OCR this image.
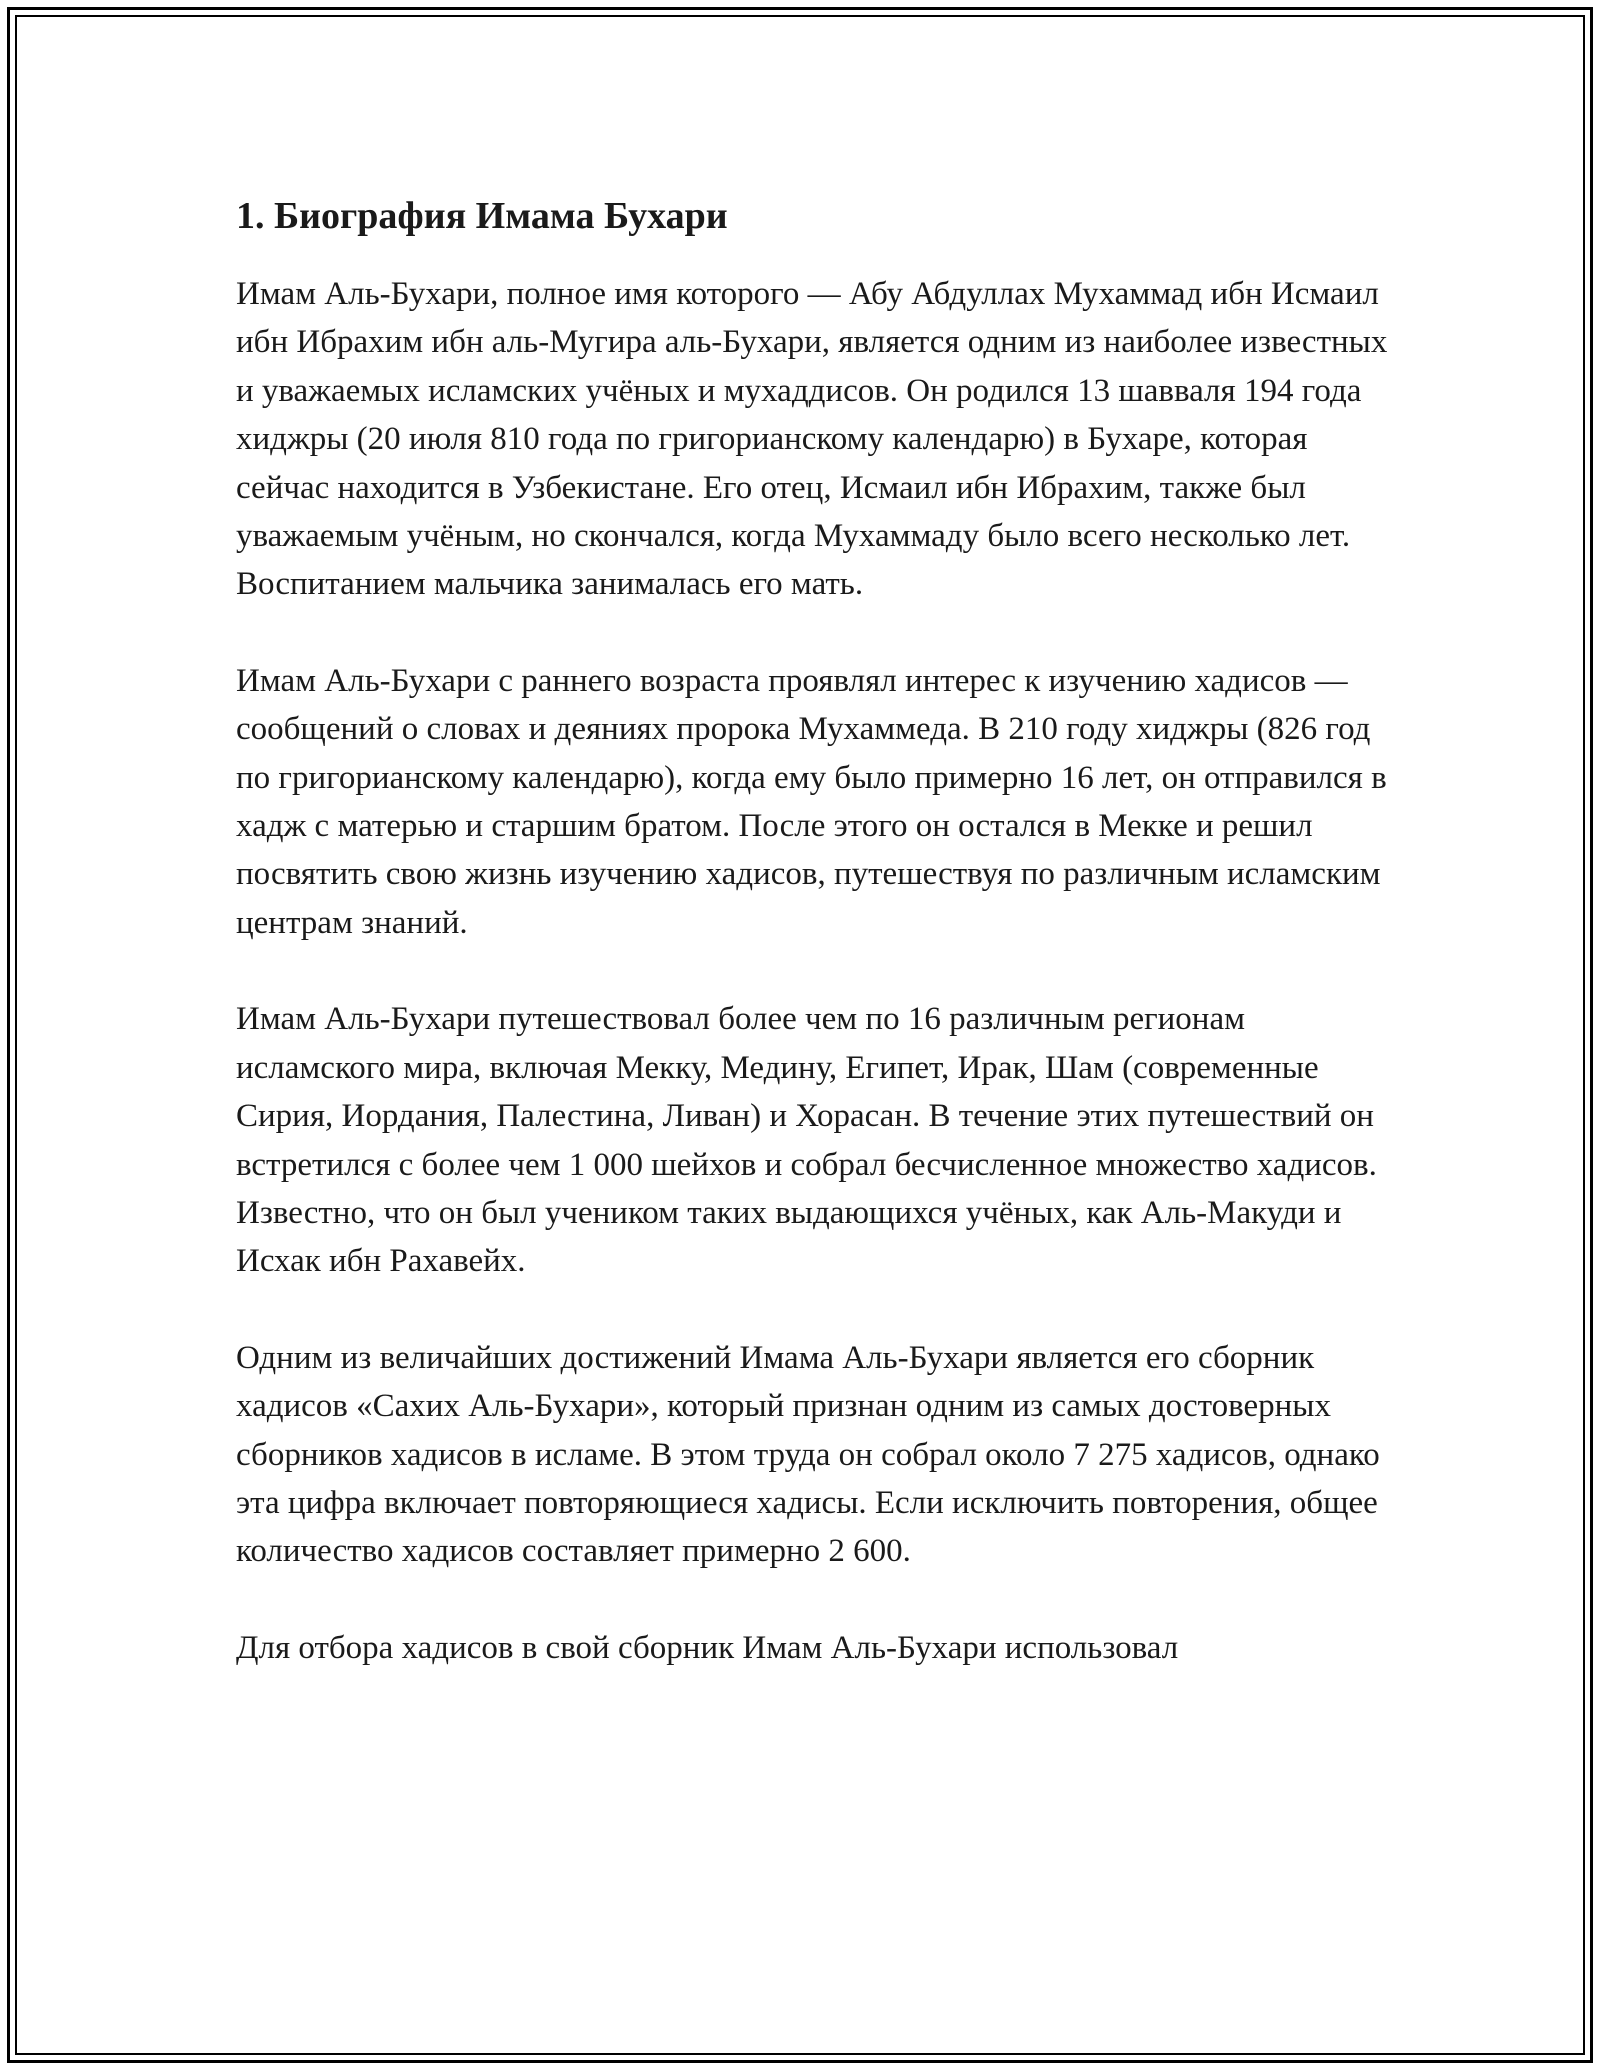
1. Биография Имама Бухари

Имам Аль-Бухари, полное имя которого — Абу Абдуллах Мухаммад ибн Исмаил ибн Ибрахим ибн аль-Мугира аль-Бухари, является одним из наиболее известных и уважаемых исламских учёных и мухаддисов. Он родился 13 шавваля 194 года хиджры (20 июля 810 года по григорианскому календарю) в Бухаре, которая сейчас находится в Узбекистане. Его отец, Исмаил ибн Ибрахим, также был уважаемым учёным, но скончался, когда Мухаммаду было всего несколько лет. Воспитанием мальчика занималась его мать.

Имам Аль-Бухари с раннего возраста проявлял интерес к изучению хадисов — сообщений о словах и деяниях пророка Мухаммеда. В 210 году хиджры (826 год по григорианскому календарю), когда ему было примерно 16 лет, он отправился в хадж с матерью и старшим братом. После этого он остался в Мекке и решил посвятить свою жизнь изучению хадисов, путешествуя по различным исламским центрам знаний.

Имам Аль-Бухари путешествовал более чем по 16 различным регионам исламского мира, включая Мекку, Медину, Египет, Ирак, Шам (современные Сирия, Иордания, Палестина, Ливан) и Хорасан. В течение этих путешествий он встретился с более чем 1 000 шейхов и собрал бесчисленное множество хадисов. Известно, что он был учеником таких выдающихся учёных, как Аль-Макуди и Исхак ибн Рахавейх.

Одним из величайших достижений Имама Аль-Бухари является его сборник хадисов «Сахих Аль-Бухари», который признан одним из самых достоверных сборников хадисов в исламе. В этом труда он собрал около 7 275 хадисов, однако эта цифра включает повторяющиеся хадисы. Если исключить повторения, общее количество хадисов составляет примерно 2 600.

Для отбора хадисов в свой сборник Имам Аль-Бухари использовал
